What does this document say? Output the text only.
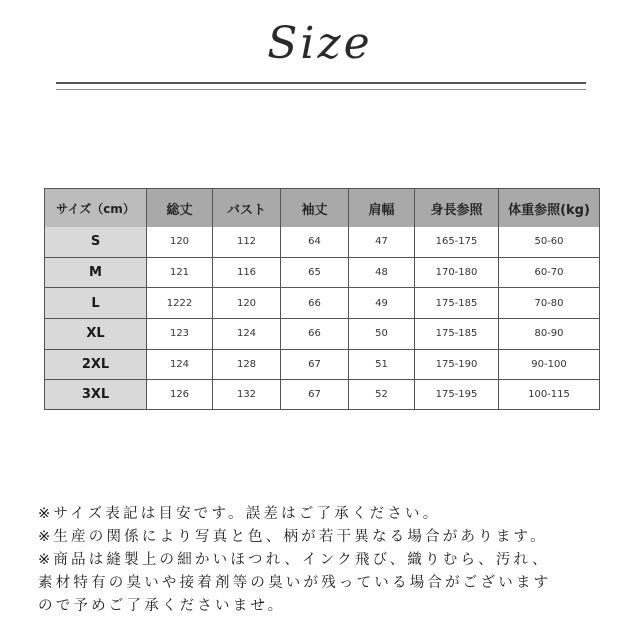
Size
サイズ（cm）	総丈	バスト	袖丈	肩幅	身長参照	体重参照(kg)
S	120	112	64	47	165-175	50-60
M	121	116	65	48	170-180	60-70
L	1222	120	66	49	175-185	70-80
XL	123	124	66	50	175-185	80-90
2XL	124	128	67	51	175-190	90-100
3XL	126	132	67	52	175-195	100-115

※サイズ表記は目安です。誤差はご了承ください。

※生産の関係により写真と色、柄が若干異なる場合があります。

※商品は縫製上の細かいほつれ、インク飛び、織りむら、汚れ、

素材特有の臭いや接着剤等の臭いが残っている場合がございます

ので予めご了承くださいませ。
